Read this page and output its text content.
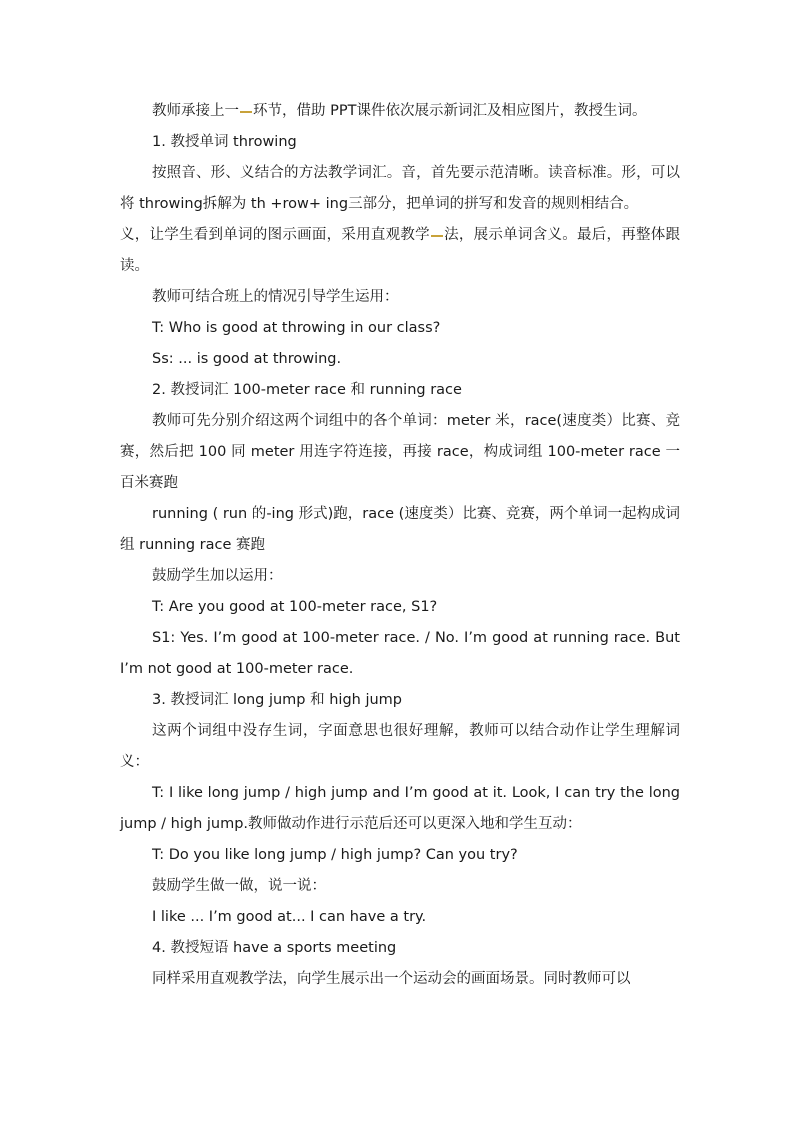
教师承接上一 环节，借助 PPT课件依次展示新词汇及相应图片，教授生词。

1. 教授单词 throwing

按照音、形、义结合的方法教学词汇。音，首先要示范清晰。读音标准。形，可以将 throwing拆解为 th +row+ ing三部分，把单词的拼写和发音的规则相结合。

义，让学生看到单词的图示画面，采用直观教学 法，展示单词含义。最后，再整体跟读。

教师可结合班上的情况引导学生运用：

T: Who is good at throwing in our class?

Ss: ... is good at throwing.

2. 教授词汇 100-meter race 和 running race

教师可先分别介绍这两个词组中的各个单词：meter 米，race(速度类）比赛、竞赛，然后把 100 同 meter 用连字符连接，再接 race，构成词组 100-meter race 一百米赛跑

running ( run 的-ing 形式)跑，race (速度类）比赛、竞赛，两个单词一起构成词组 running race 赛跑

鼓励学生加以运用：

T: Are you good at 100-meter race, S1?

S1: Yes. I’m good at 100-meter race. / No. I’m good at running race. But I’m not good at 100-meter race.

3. 教授词汇 long jump 和 high jump

这两个词组中没存生词，字面意思也很好理解，教师可以结合动作让学生理解词义：

T: I like long jump / high jump and I’m good at it. Look, I can try the long jump / high jump.教师做动作进行示范后还可以更深入地和学生互动：

T: Do you like long jump / high jump? Can you try?

鼓励学生做一做，说一说：

I like ... I’m good at... I can have a try.

4. 教授短语 have a sports meeting

同样采用直观教学法，向学生展示出一个运动会的画面场景。同时教师可以
